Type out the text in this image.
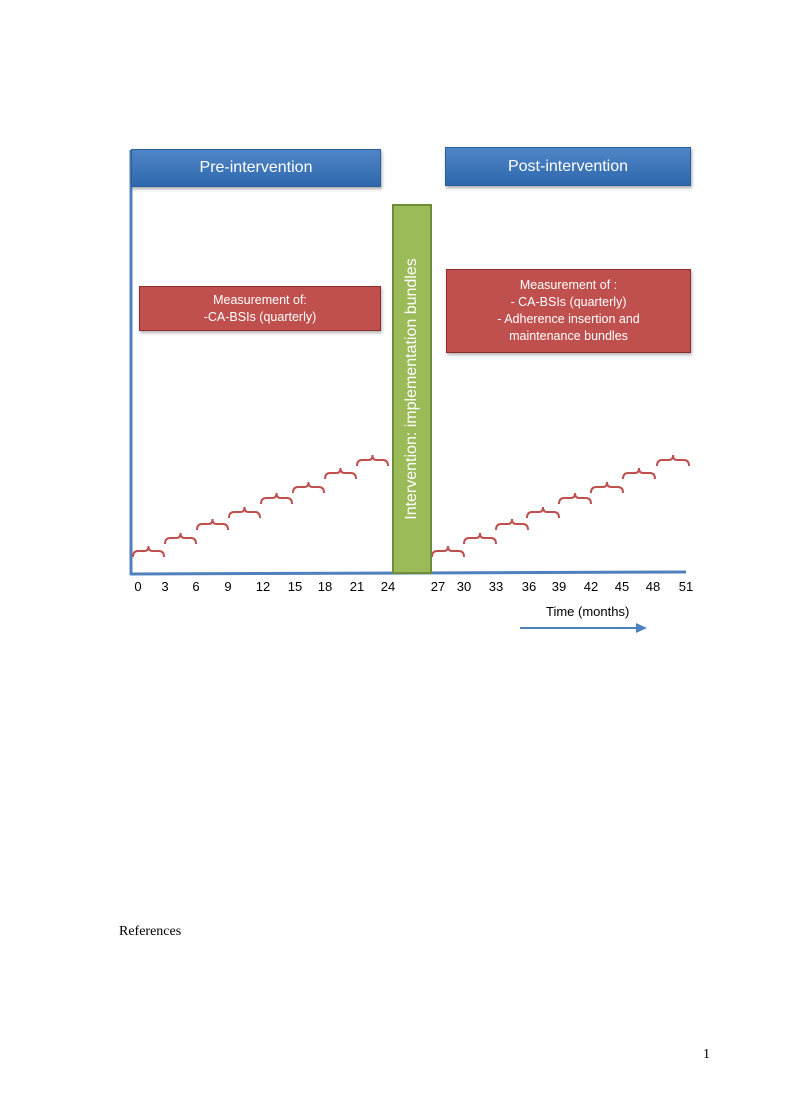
Pre-intervention	Post-intervention
Measurement of:
-CA-BSIs (quarterly)
Measurement of :
- CA-BSIs (quarterly)
- Adherence insertion and
maintenance bundles
Intervention: implementation bundles
0 3 6 9 12 15 18 21 24	27 30 33 36 39 42 45 48 51
Time (months)
References
1
